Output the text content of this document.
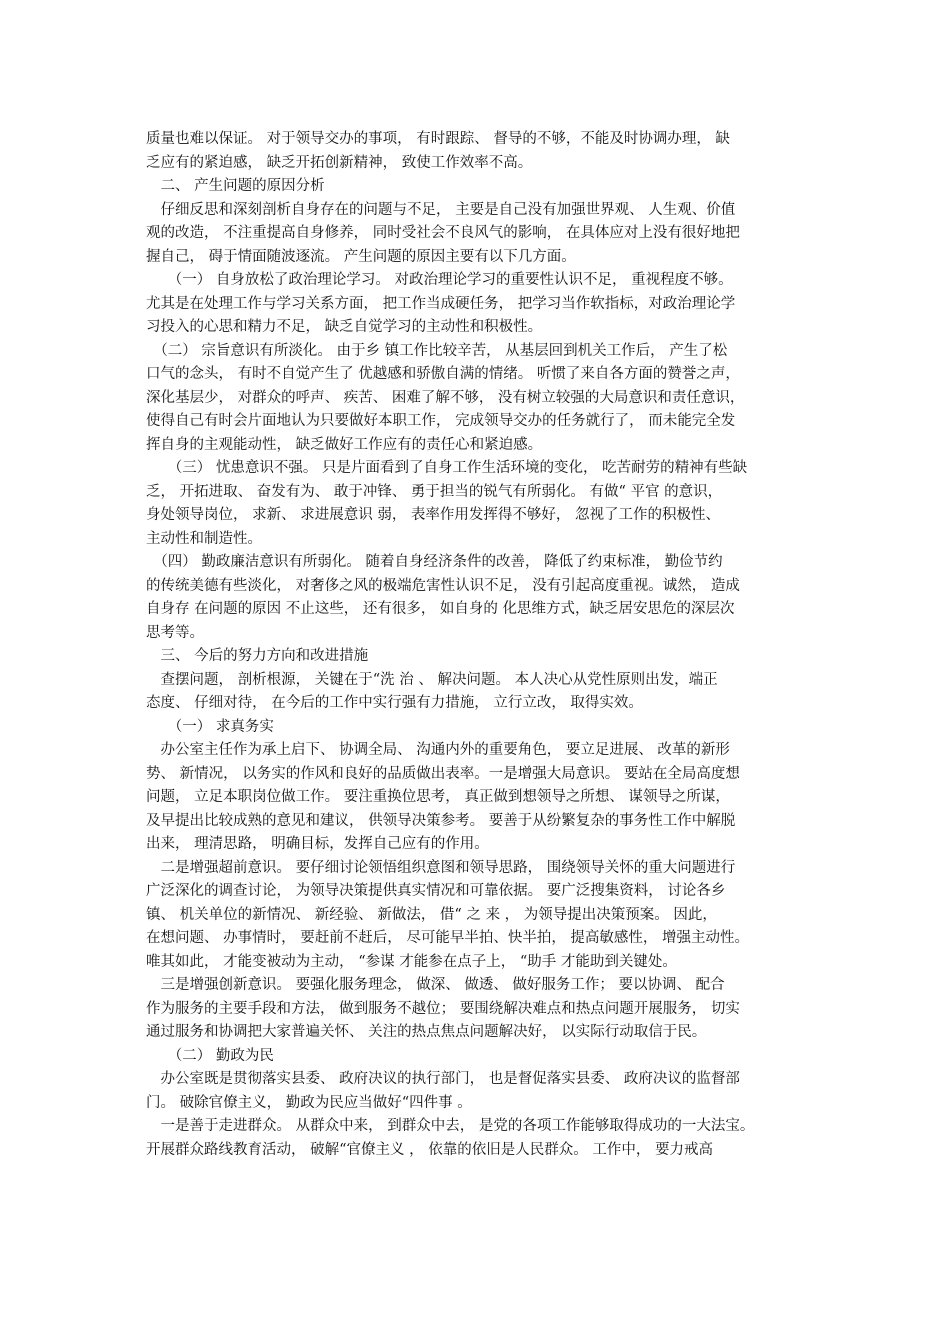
质量也难以保证。 对于领导交办的事项， 有时跟踪、 督导的不够，不能及时协调办理， 缺
乏应有的紧迫感， 缺乏开拓创新精神， 致使工作效率不高。
　二、 产生问题的原因分析
　仔细反思和深刻剖析自身存在的问题与不足， 主要是自己没有加强世界观、 人生观、价值
观的改造， 不注重提高自身修养， 同时受社会不良风气的影响， 在具体应对上没有很好地把
握自己， 碍于情面随波逐流。 产生问题的原因主要有以下几方面。
　　（一） 自身放松了政治理论学习。 对政治理论学习的重要性认识不足， 重视程度不够。
尤其是在处理工作与学习关系方面， 把工作当成硬任务， 把学习当作软指标，对政治理论学
习投入的心思和精力不足， 缺乏自觉学习的主动性和积极性。
　（二） 宗旨意识有所淡化。 由于乡 镇工作比较辛苦， 从基层回到机关工作后， 产生了松
口气的念头， 有时不自觉产生了 优越感和骄傲自满的情绪。 听惯了来自各方面的赞誉之声，
深化基层少， 对群众的呼声、 疾苦、 困难了解不够， 没有树立较强的大局意识和责任意识，
使得自己有时会片面地认为只要做好本职工作， 完成领导交办的任务就行了， 而未能完全发
挥自身的主观能动性， 缺乏做好工作应有的责任心和紧迫感。
　　（三） 忧患意识不强。 只是片面看到了自身工作生活环境的变化， 吃苦耐劳的精神有些缺
乏， 开拓进取、 奋发有为、 敢于冲锋、 勇于担当的锐气有所弱化。 有做“ 平官 的意识，
身处领导岗位， 求新、 求进展意识 弱， 表率作用发挥得不够好， 忽视了工作的积极性、
主动性和制造性。
　（四） 勤政廉洁意识有所弱化。 随着自身经济条件的改善， 降低了约束标准， 勤俭节约
的传统美德有些淡化， 对奢侈之风的极端危害性认识不足， 没有引起高度重视。诚然， 造成
自身存 在问题的原因 不止这些， 还有很多， 如自身的 化思维方式，缺乏居安思危的深层次
思考等。
　三、 今后的努力方向和改进措施
　查摆问题， 剖析根源， 关键在于“洗 治 、 解决问题。 本人决心从党性原则出发，端正
态度、 仔细对待， 在今后的工作中实行强有力措施， 立行立改， 取得实效。
　　（一） 求真务实
　办公室主任作为承上启下、 协调全局、 沟通内外的重要角色， 要立足进展、 改革的新形
势、 新情况， 以务实的作风和良好的品质做出表率。一是增强大局意识。 要站在全局高度想
问题， 立足本职岗位做工作。 要注重换位思考， 真正做到想领导之所想、 谋领导之所谋，
及早提出比较成熟的意见和建议， 供领导决策参考。 要善于从纷繁复杂的事务性工作中解脱
出来， 理清思路， 明确目标，发挥自己应有的作用。
　二是增强超前意识。 要仔细讨论领悟组织意图和领导思路， 围绕领导关怀的重大问题进行
广泛深化的调查讨论， 为领导决策提供真实情况和可靠依据。 要广泛搜集资料， 讨论各乡
镇、 机关单位的新情况、 新经验、 新做法， 借“ 之 来 ， 为领导提出决策预案。 因此，
在想问题、 办事情时， 要赶前不赶后， 尽可能早半拍、快半拍， 提高敏感性， 增强主动性。
唯其如此， 才能变被动为主动， “参谋 才能参在点子上， “助手 才能助到关键处。
　三是增强创新意识。 要强化服务理念， 做深、 做透、 做好服务工作； 要以协调、 配合
作为服务的主要手段和方法， 做到服务不越位； 要围绕解决难点和热点问题开展服务， 切实
通过服务和协调把大家普遍关怀、 关注的热点焦点问题解决好， 以实际行动取信于民。
　　（二） 勤政为民
　办公室既是贯彻落实县委、 政府决议的执行部门， 也是督促落实县委、 政府决议的监督部
门。 破除官僚主义， 勤政为民应当做好“四件事 。
　一是善于走进群众。 从群众中来， 到群众中去， 是党的各项工作能够取得成功的一大法宝。
开展群众路线教育活动， 破解“官僚主义 ， 依靠的依旧是人民群众。 工作中， 要力戒高
